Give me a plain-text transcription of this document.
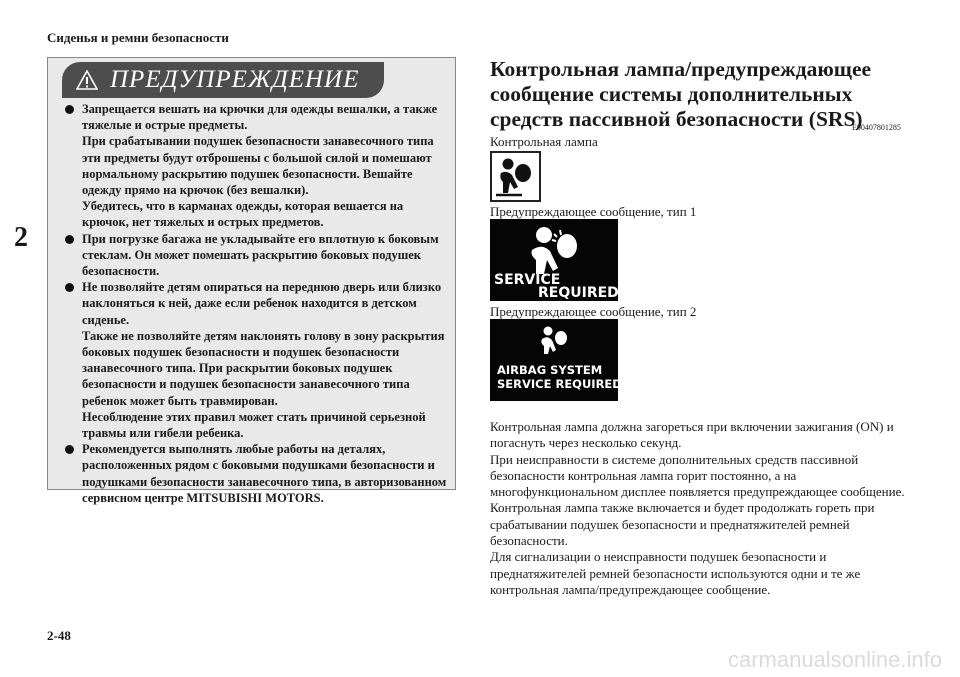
Сиденья и ремни безопасности
2
2-48
ПРЕДУПРЕЖДЕНИЕ

Запрещается вешать на крючки для одежды вешалки, а также тяжелые и острые предметы.

При срабатывании подушек безопасности занавесочного типа эти предметы будут отброшены с большой силой и помешают нормальному раскрытию подушек безопасности. Вешайте одежду прямо на крючок (без вешалки).

Убедитесь, что в карманах одежды, которая вешается на крючок, нет тяжелых и острых предметов.

При погрузке багажа не укладывайте его вплотную к боковым стеклам. Он может помешать раскрытию боковых подушек безопасности.

Не позволяйте детям опираться на переднюю дверь или близко наклоняться к ней, даже если ребенок находится в детском сиденье.

Также не позволяйте детям наклонять голову в зону раскрытия боковых подушек безопасности и подушек безопасности занавесочного типа. При раскрытии боковых подушек безопасности и подушек безопасности занавесочного типа ребенок может быть травмирован.

Несоблюдение этих правил может стать причиной серьезной травмы или гибели ребенка.

Рекомендуется выполнять любые работы на деталях, расположенных рядом с боковыми подушками безопасности и подушками безопасности занавесочного типа, в авторизованном сервисном центре MITSUBISHI MOTORS.

Контрольная лампа/предупреждающее сообщение системы дополнительных средств пассивной безопасности (SRS)
E00407801285
Контрольная лампа
Предупреждающее сообщение, тип 1
SERVICE
REQUIRED
Предупреждающее сообщение, тип 2
AIRBAG SYSTEM
SERVICE REQUIRED

Контрольная лампа должна загореться при включении зажигания (ON) и погаснуть через несколько секунд.

При неисправности в системе дополнительных средств пассивной безопасности контрольная лампа горит постоянно, а на многофункциональном дисплее появляется предупреждающее сообщение.

Контрольная лампа также включается и будет продолжать гореть при срабатывании подушек безопасности и преднатяжителей ремней безопасности.

Для сигнализации о неисправности подушек безопасности и преднатяжителей ремней безопасности используются одни и те же контрольная лампа/предупреждающее сообщение.

carmanualsonline.info
